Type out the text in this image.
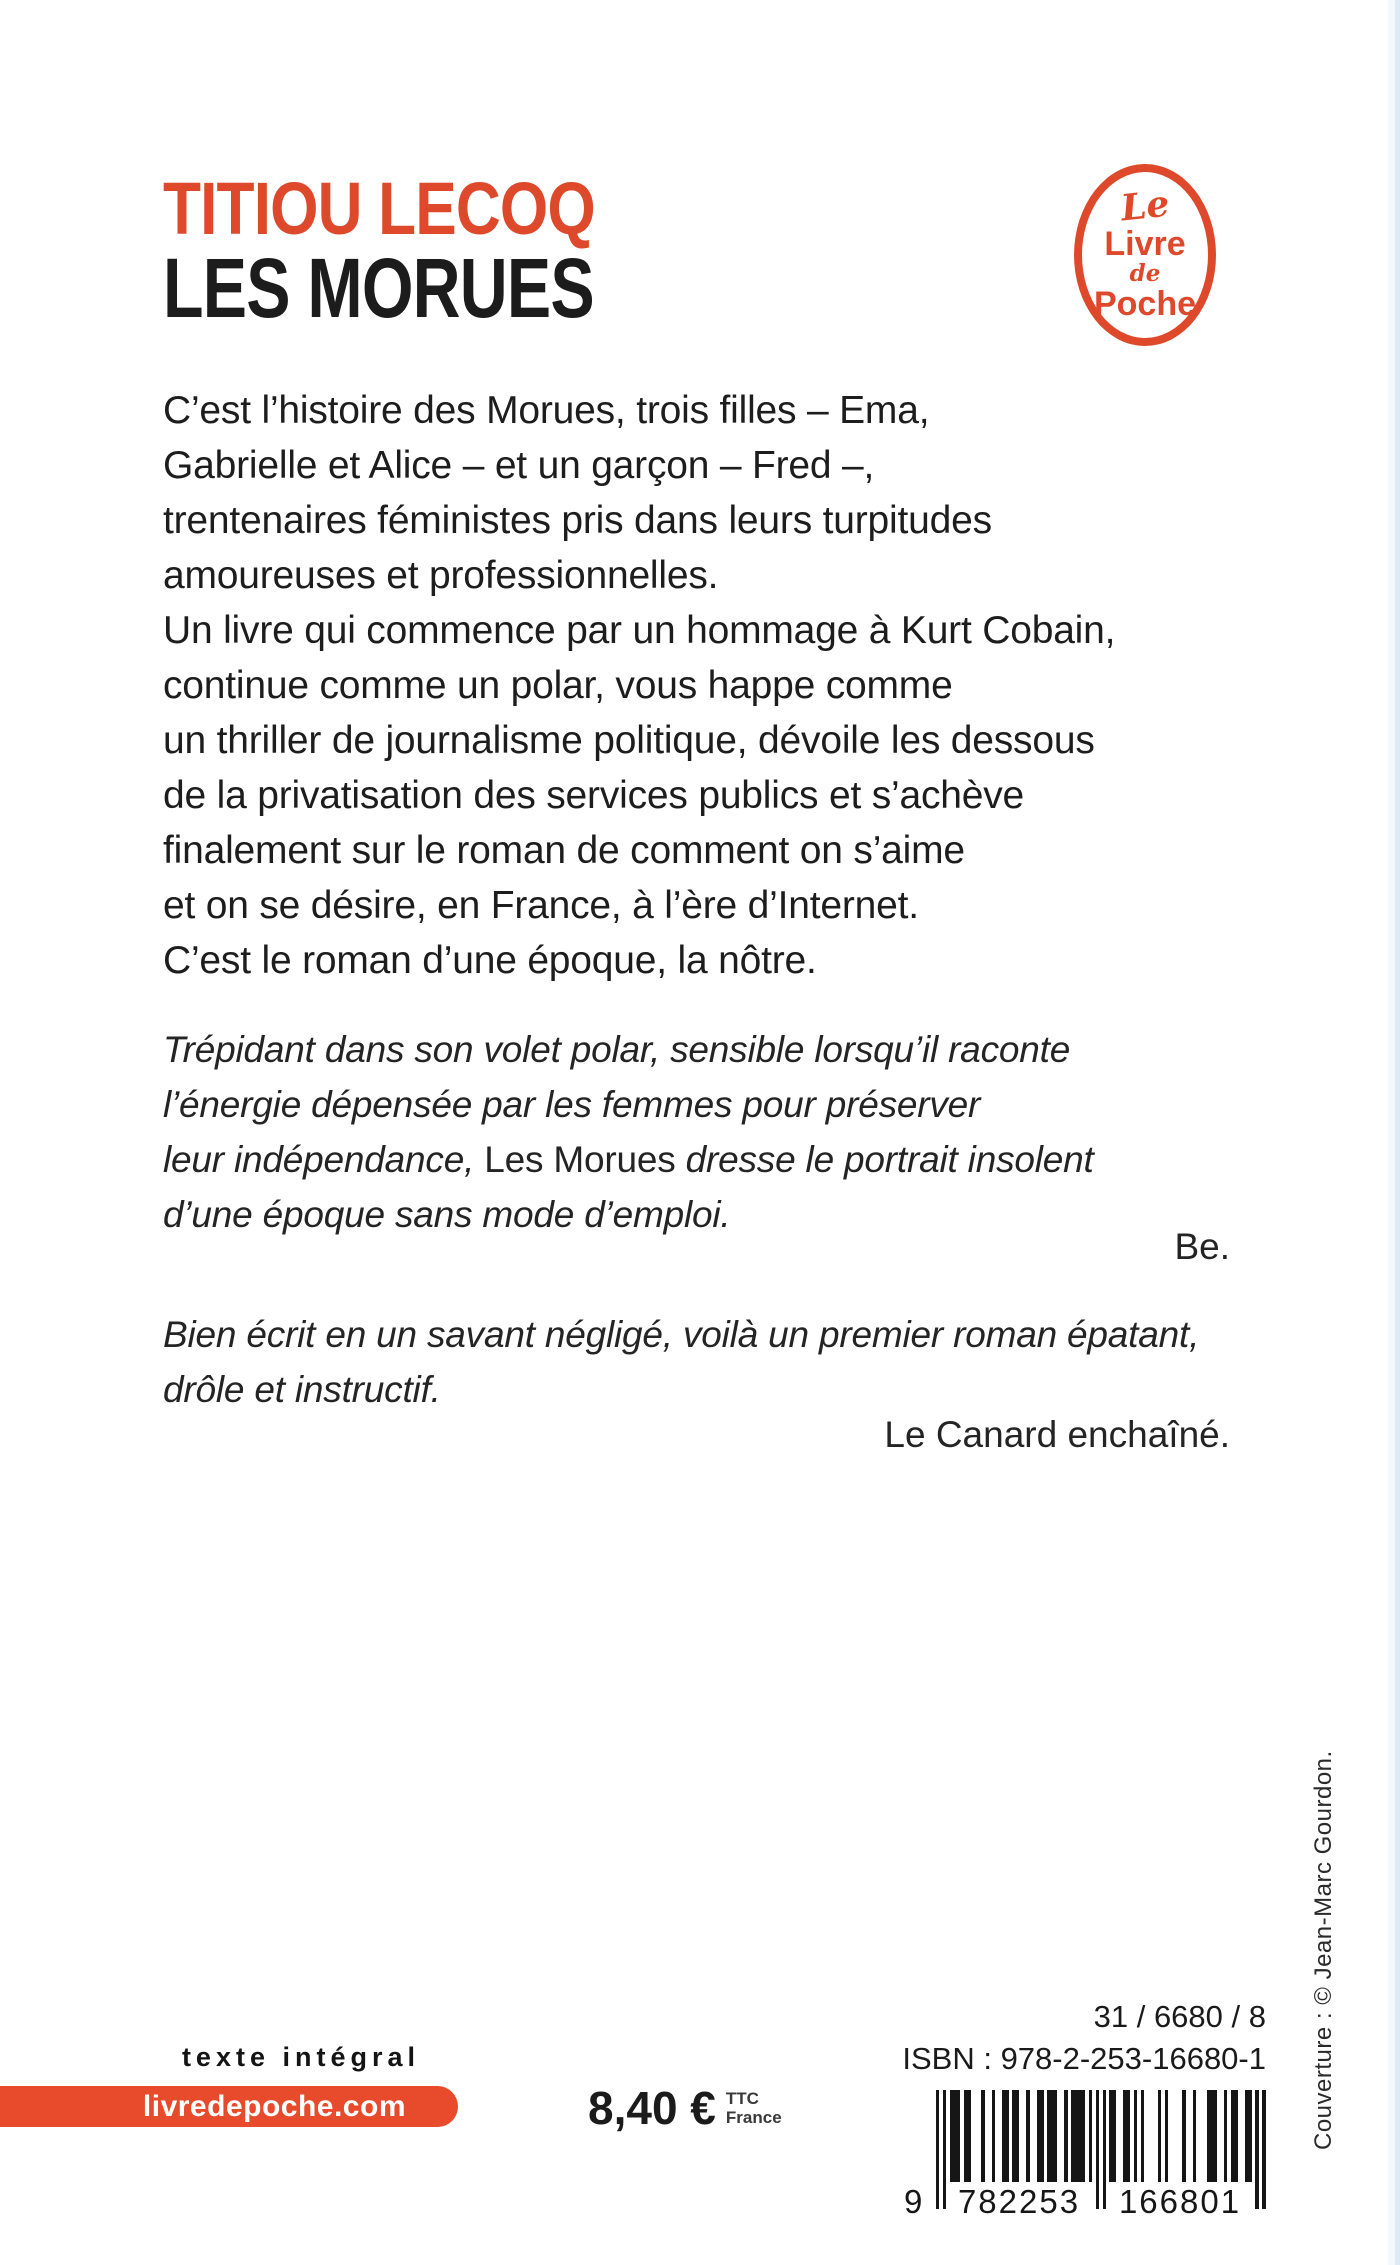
TITIOU LECOQ
LES MORUES
Le
Livre
de
Poche
C’est l’histoire des Morues, trois filles – Ema,
Gabrielle et Alice – et un garçon – Fred –,
trentenaires féministes pris dans leurs turpitudes
amoureuses et professionnelles.
Un livre qui commence par un hommage à Kurt Cobain,
continue comme un polar, vous happe comme
un thriller de journalisme politique, dévoile les dessous
de la privatisation des services publics et s’achève
finalement sur le roman de comment on s’aime
et on se désire, en France, à l’ère d’Internet.
C’est le roman d’une époque, la nôtre.
Trépidant dans son volet polar, sensible lorsqu’il raconte
l’énergie dépensée par les femmes pour préserver
leur indépendance, Les Morues dresse le portrait insolent
d’une époque sans mode d’emploi.
Be.
Bien écrit en un savant négligé, voilà un premier roman épatant,
drôle et instructif.
Le Canard enchaîné.
Couverture : © Jean-Marc Gourdon.
texte intégral
livredepoche.com	8,40 € TTC
France
31 / 6680 / 8
ISBN : 978-2-253-16680-1
9	782253	166801
